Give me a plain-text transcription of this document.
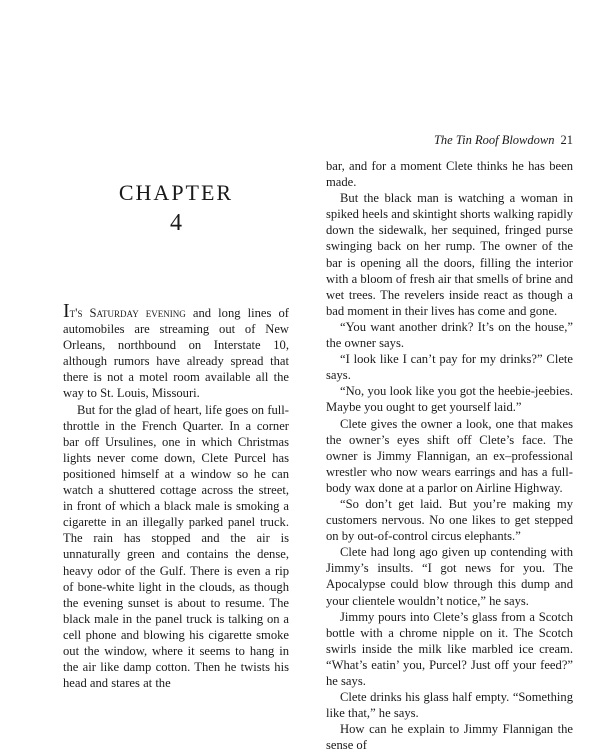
CHAPTER
4

It's Saturday evening and long lines of automobiles are streaming out of New Orleans, northbound on Interstate 10, although rumors have already spread that there is not a motel room available all the way to St. Louis, Missouri.

But for the glad of heart, life goes on full-throttle in the French Quarter. In a corner bar off Ursulines, one in which Christmas lights never come down, Clete Purcel has positioned himself at a window so he can watch a shuttered cottage across the street, in front of which a black male is smoking a cigarette in an illegally parked panel truck. The rain has stopped and the air is unnaturally green and contains the dense, heavy odor of the Gulf. There is even a rip of bone-white light in the clouds, as though the evening sunset is about to resume. The black male in the panel truck is talking on a cell phone and blowing his cigarette smoke out the window, where it seems to hang in the air like damp cotton. Then he twists his head and stares at the

The Tin Roof Blowdown 21

bar, and for a moment Clete thinks he has been made.

But the black man is watching a woman in spiked heels and skintight shorts walking rapidly down the sidewalk, her sequined, fringed purse swinging back on her rump. The owner of the bar is opening all the doors, filling the interior with a bloom of fresh air that smells of brine and wet trees. The revelers inside react as though a bad moment in their lives has come and gone.

“You want another drink? It’s on the house,” the owner says.

“I look like I can’t pay for my drinks?” Clete says.

“No, you look like you got the heebie-jeebies. Maybe you ought to get yourself laid.”

Clete gives the owner a look, one that makes the owner’s eyes shift off Clete’s face. The owner is Jimmy Flannigan, an ex–professional wrestler who now wears earrings and has a full-body wax done at a parlor on Airline Highway.

“So don’t get laid. But you’re making my customers nervous. No one likes to get stepped on by out-of-control circus elephants.”

Clete had long ago given up contending with Jimmy’s insults. “I got news for you. The Apocalypse could blow through this dump and your clientele wouldn’t notice,” he says.

Jimmy pours into Clete’s glass from a Scotch bottle with a chrome nipple on it. The Scotch swirls inside the milk like marbled ice cream. “What’s eatin’ you, Purcel? Just off your feed?” he says.

Clete drinks his glass half empty. “Something like that,” he says.

How can he explain to Jimmy Flannigan the sense of
